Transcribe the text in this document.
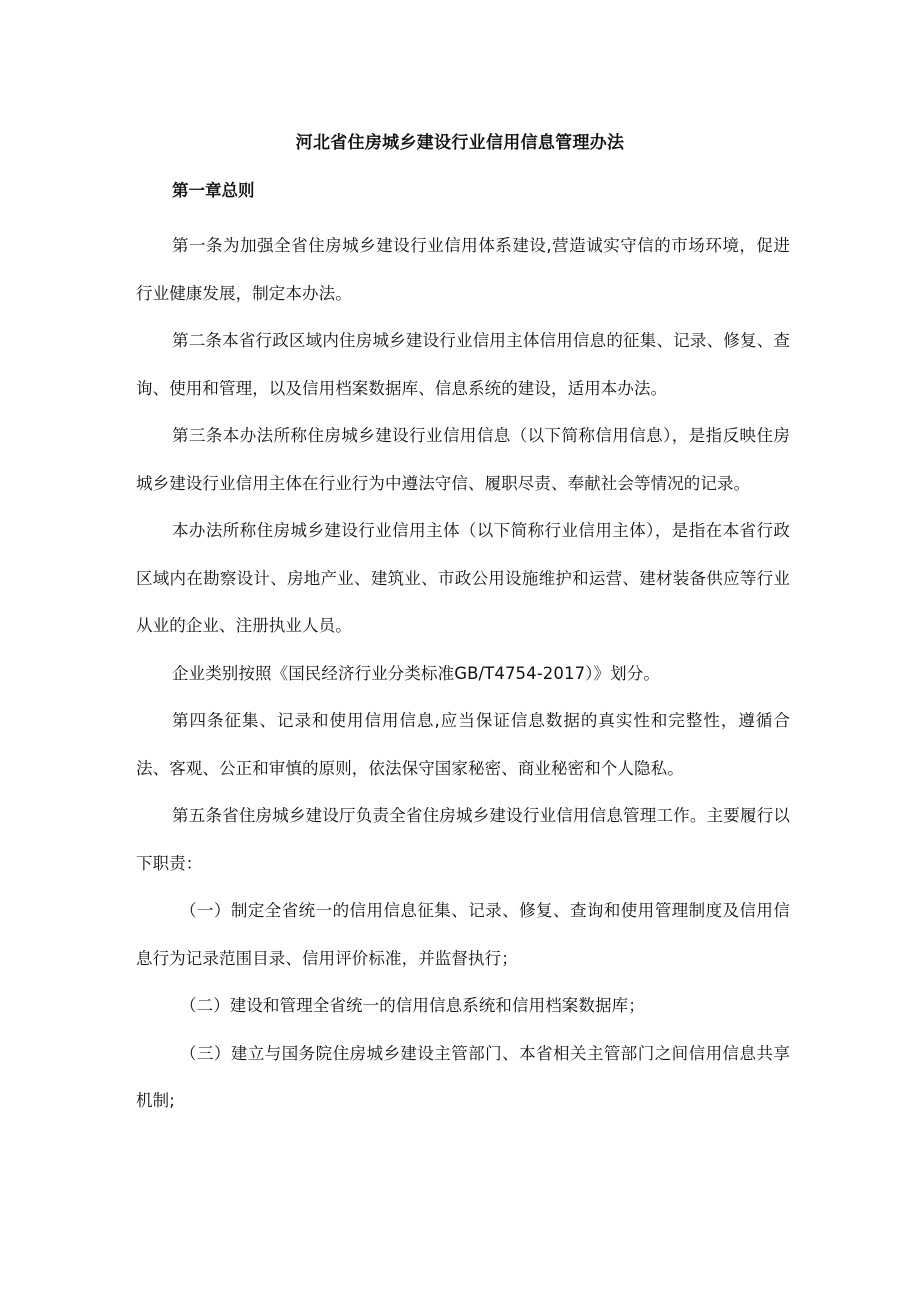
河北省住房城乡建设行业信用信息管理办法
第一章总则

第一条为加强全省住房城乡建设行业信用体系建设,营造诚实守信的市场环境，促进行业健康发展，制定本办法。

第二条本省行政区域内住房城乡建设行业信用主体信用信息的征集、记录、修复、查询、使用和管理，以及信用档案数据库、信息系统的建设，适用本办法。

第三条本办法所称住房城乡建设行业信用信息（以下简称信用信息），是指反映住房城乡建设行业信用主体在行业行为中遵法守信、履职尽责、奉献社会等情况的记录。

本办法所称住房城乡建设行业信用主体（以下简称行业信用主体），是指在本省行政区域内在勘察设计、房地产业、建筑业、市政公用设施维护和运营、建材装备供应等行业从业的企业、注册执业人员。

企业类别按照《国民经济行业分类标准GB/T4754-2017）》划分。

第四条征集、记录和使用信用信息,应当保证信息数据的真实性和完整性，遵循合法、客观、公正和审慎的原则，依法保守国家秘密、商业秘密和个人隐私。

第五条省住房城乡建设厅负责全省住房城乡建设行业信用信息管理工作。主要履行以下职责：

（一）制定全省统一的信用信息征集、记录、修复、查询和使用管理制度及信用信息行为记录范围目录、信用评价标准，并监督执行；

（二）建设和管理全省统一的信用信息系统和信用档案数据库；

（三）建立与国务院住房城乡建设主管部门、本省相关主管部门之间信用信息共享机制;
